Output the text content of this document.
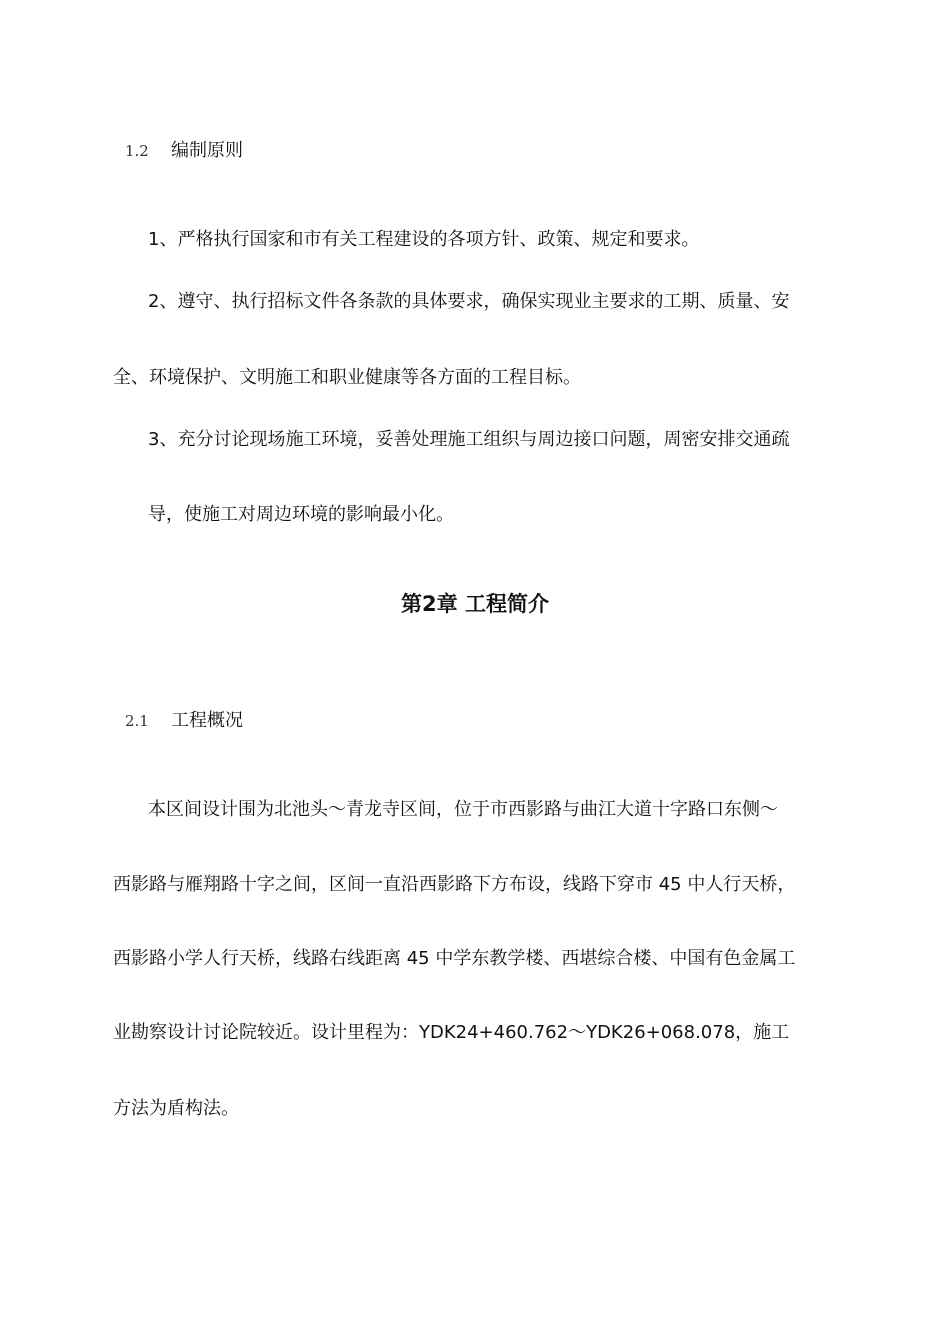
1.2 编制原则
1、严格执行国家和市有关工程建设的各项方针、政策、规定和要求。
2、遵守、执行招标文件各条款的具体要求，确保实现业主要求的工期、质量、安
全、环境保护、文明施工和职业健康等各方面的工程目标。
3、充分讨论现场施工环境，妥善处理施工组织与周边接口问题，周密安排交通疏
导，使施工对周边环境的影响最小化。
第2章 工程简介
2.1 工程概况
本区间设计围为北池头～青龙寺区间，位于市西影路与曲江大道十字路口东侧～
西影路与雁翔路十字之间，区间一直沿西影路下方布设，线路下穿市 45 中人行天桥，
西影路小学人行天桥，线路右线距离 45 中学东教学楼、西堪综合楼、中国有色金属工
业勘察设计讨论院较近。设计里程为：YDK24+460.762～YDK26+068.078，施工
方法为盾构法。
